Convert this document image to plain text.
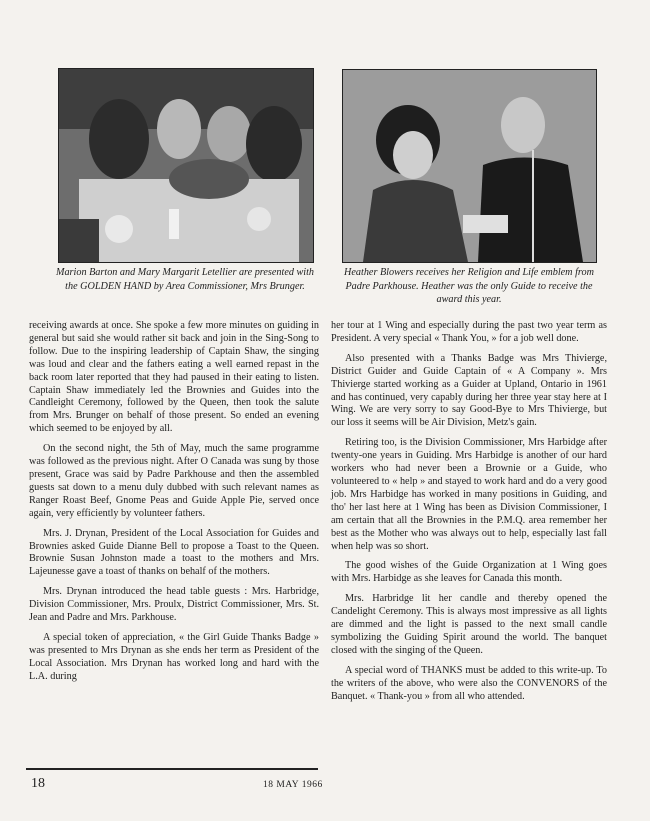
Marion Barton and Mary Margarit Letellier are presented with the GOLDEN HAND by Area Commissioner, Mrs Brunger.
Heather Blowers receives her Religion and Life emblem from Padre Parkhouse. Heather was the only Guide to receive the award this year.

receiving awards at once. She spoke a few more minutes on guiding in general but said she would rather sit back and join in the Sing-Song to follow. Due to the inspiring leadership of Captain Shaw, the singing was loud and clear and the fathers eating a well earned repast in the back room later reported that they had paused in their eating to listen. Captain Shaw immediately led the Brownies and Guides into the Candleight Ceremony, followed by the Queen, then took the salute from Mrs. Brunger on behalf of those present. So ended an evening which seemed to be enjoyed by all.

On the second night, the 5th of May, much the same programme was followed as the previous night. After O Canada was sung by those present, Grace was said by Padre Parkhouse and then the assembled guests sat down to a menu duly dubbed with such relevant names as Ranger Roast Beef, Gnome Peas and Guide Apple Pie, served once again, very efficiently by volunteer fathers.

Mrs. J. Drynan, President of the Local Association for Guides and Brownies asked Guide Dianne Bell to propose a Toast to the Queen. Brownie Susan Johnston made a toast to the mothers and Mrs. Lajeunesse gave a toast of thanks on behalf of the mothers.

Mrs. Drynan introduced the head table guests : Mrs. Harbridge, Division Commissioner, Mrs. Proulx, District Commissioner, Mrs. St. Jean and Padre and Mrs. Parkhouse.

A special token of appreciation, « the Girl Guide Thanks Badge » was presented to Mrs Drynan as she ends her term as President of the Local Association. Mrs Drynan has worked long and hard with the L.A. during

her tour at 1 Wing and especially during the past two year term as President. A very special « Thank You, » for a job well done.

Also presented with a Thanks Badge was Mrs Thivierge, District Guider and Guide Captain of « A Company ». Mrs Thivierge started working as a Guider at Upland, Ontario in 1961 and has continued, very capably during her three year stay here at I Wing. We are very sorry to say Good-Bye to Mrs Thivierge, but our loss it seems will be Air Division, Metz's gain.

Retiring too, is the Division Commissioner, Mrs Harbidge after twenty-one years in Guiding. Mrs Harbidge is another of our hard workers who had never been a Brownie or a Guide, who volunteered to « help » and stayed to work hard and do a very good job. Mrs Harbidge has worked in many positions in Guiding, and tho' her last here at 1 Wing has been as Division Commissioner, I am certain that all the Brownies in the P.M.Q. area remember her best as the Mother who was always out to help, especially last fall when help was so short.

The good wishes of the Guide Organization at 1 Wing goes with Mrs. Harbidge as she leaves for Canada this month.

Mrs. Harbridge lit her candle and thereby opened the Candelight Ceremony. This is always most impressive as all lights are dimmed and the light is passed to the next small candle symbolizing the Guiding Spirit around the world. The banquet closed with the singing of the Queen.

A special word of THANKS must be added to this write-up. To the writers of the above, who were also the CONVENORS of the Banquet. « Thank-you » from all who attended.

18	18 MAY 1966
